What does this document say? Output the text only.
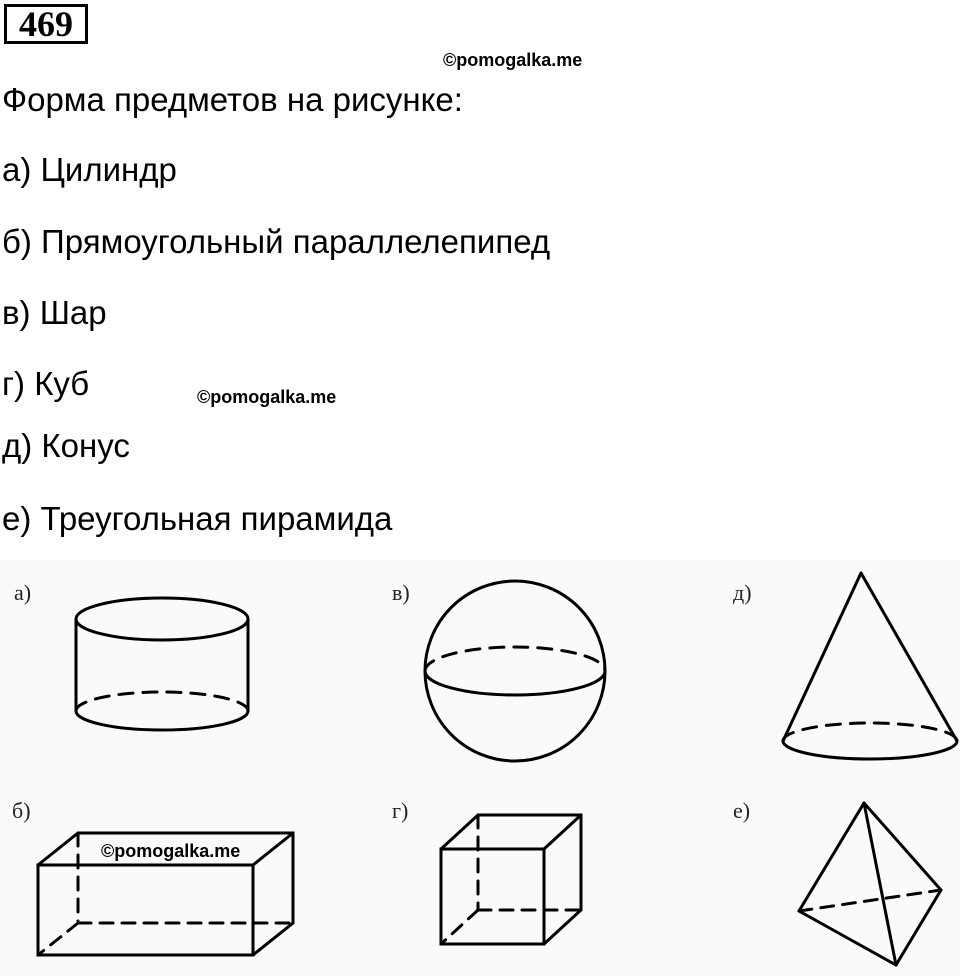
469
©pomogalka.me
©pomogalka.me
Форма предметов на рисунке:
а) Цилиндр
б) Прямоугольный параллелепипед
в) Шар
г) Куб
д) Конус
е) Треугольная пирамида
а)	в)	д)
б)	г)	е)
©pomogalka.me
